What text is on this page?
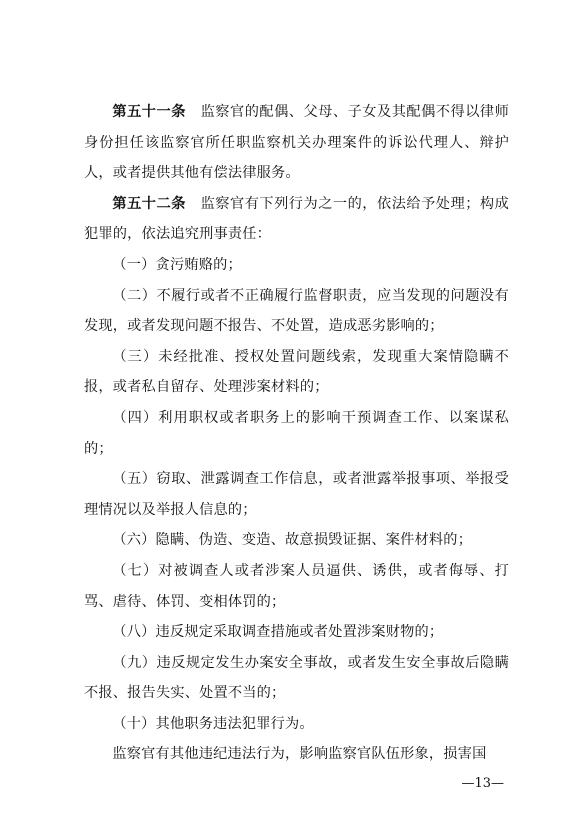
第五十一条　 监察官的配偶、父母、子女及其配偶不得以律师身份担任该监察官所任职监察机关办理案件的诉讼代理人、辩护人，或者提供其他有偿法律服务。

第五十二条　 监察官有下列行为之一的，依法给予处理；构成犯罪的，依法追究刑事责任：

（一）贪污贿赂的；

（二）不履行或者不正确履行监督职责，应当发现的问题没有发现，或者发现问题不报告、不处置，造成恶劣影响的；

（三）未经批准、授权处置问题线索，发现重大案情隐瞒不报，或者私自留存、处理涉案材料的；

（四）利用职权或者职务上的影响干预调查工作、以案谋私的；

（五）窃取、泄露调查工作信息，或者泄露举报事项、举报受理情况以及举报人信息的；

（六）隐瞒、伪造、变造、故意损毁证据、案件材料的；

（七）对被调查人或者涉案人员逼供、诱供，或者侮辱、打骂、虐待、体罚、变相体罚的；

（八）违反规定采取调查措施或者处置涉案财物的；

（九）违反规定发生办案安全事故，或者发生安全事故后隐瞒不报、报告失实、处置不当的；

（十）其他职务违法犯罪行为。

监察官有其他违纪违法行为，影响监察官队伍形象，损害国

—13—
